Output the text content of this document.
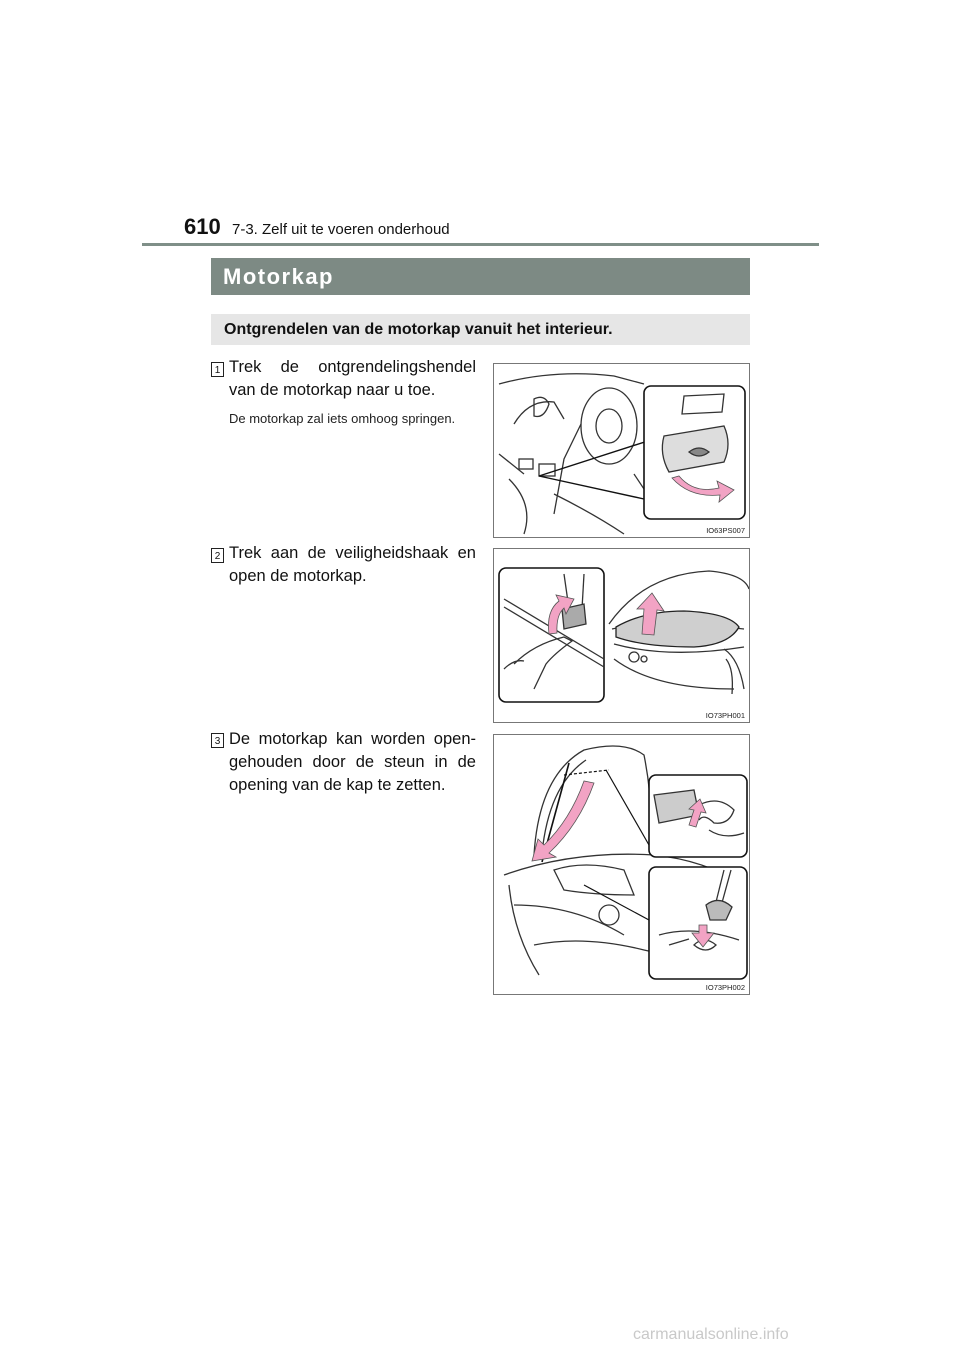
610 7-3. Zelf uit te voeren onderhoud
Motorkap
Ontgrendelen van de motorkap vanuit het interieur.
1 Trek de ontgrendelingshendel van de motorkap naar u toe.
De motorkap zal iets omhoog springen.
IO63PS007
2 Trek aan de veiligheidshaak en open de motorkap.
IO73PH001
3 De motorkap kan worden open-gehouden door de steun in de opening van de kap te zetten.
IO73PH002
carmanualsonline.info
